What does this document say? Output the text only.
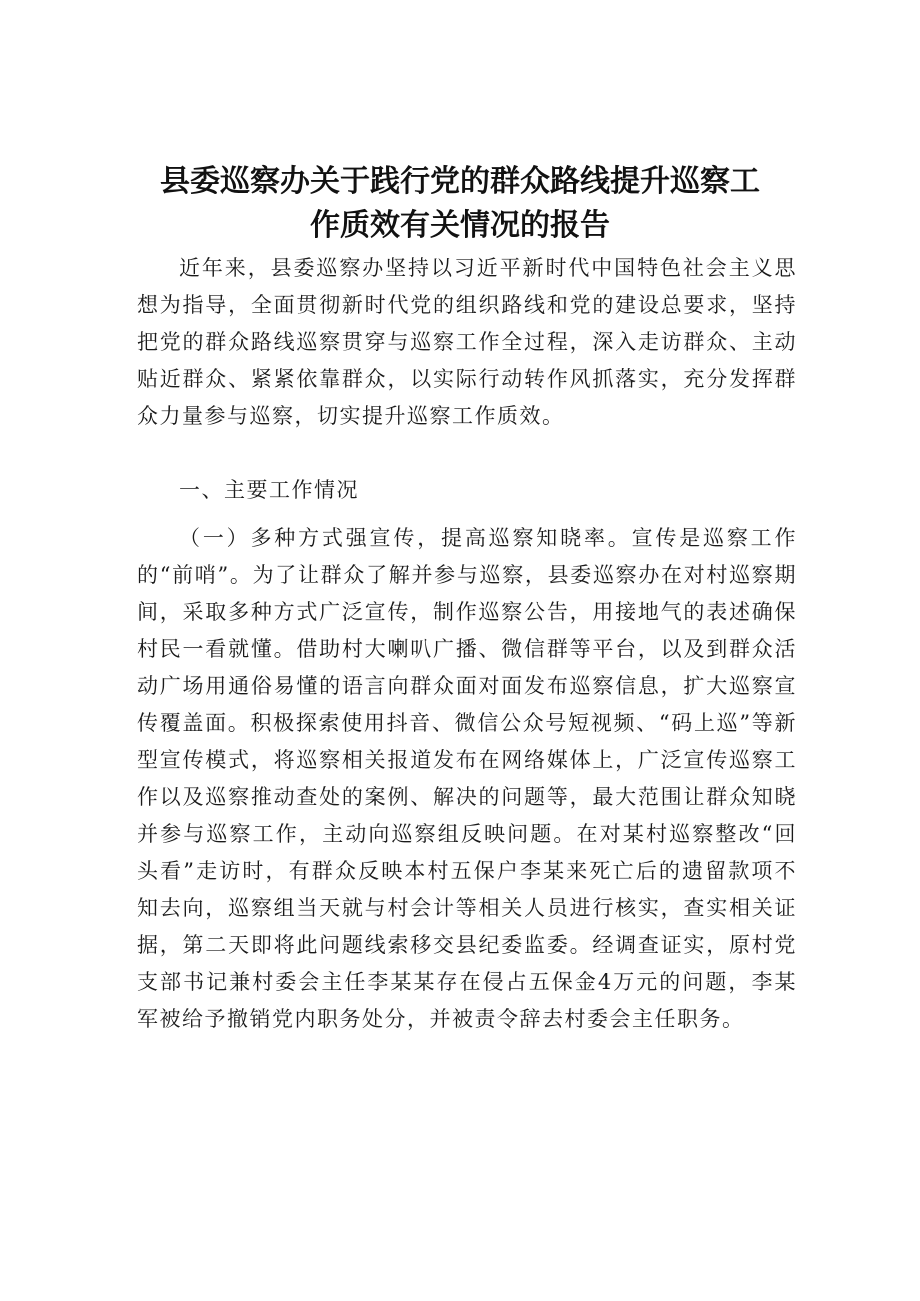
县委巡察办关于践行党的群众路线提升巡察工
作质效有关情况的报告

近年来，县委巡察办坚持以习近平新时代中国特色社会主义思想为指导，全面贯彻新时代党的组织路线和党的建设总要求，坚持把党的群众路线巡察贯穿与巡察工作全过程，深入走访群众、主动贴近群众、紧紧依靠群众，以实际行动转作风抓落实，充分发挥群众力量参与巡察，切实提升巡察工作质效。

一、主要工作情况

（一）多种方式强宣传，提高巡察知晓率。宣传是巡察工作的“前哨”。为了让群众了解并参与巡察，县委巡察办在对村巡察期间，采取多种方式广泛宣传，制作巡察公告，用接地气的表述确保村民一看就懂。借助村大喇叭广播、微信群等平台，以及到群众活动广场用通俗易懂的语言向群众面对面发布巡察信息，扩大巡察宣传覆盖面。积极探索使用抖音、微信公众号短视频、“码上巡”等新型宣传模式，将巡察相关报道发布在网络媒体上，广泛宣传巡察工作以及巡察推动查处的案例、解决的问题等，最大范围让群众知晓并参与巡察工作，主动向巡察组反映问题。在对某村巡察整改“回头看”走访时，有群众反映本村五保户李某来死亡后的遗留款项不知去向，巡察组当天就与村会计等相关人员进行核实，查实相关证据，第二天即将此问题线索移交县纪委监委。经调查证实，原村党支部书记兼村委会主任李某某存在侵占五保金4万元的问题，李某军被给予撤销党内职务处分，并被责令辞去村委会主任职务。
